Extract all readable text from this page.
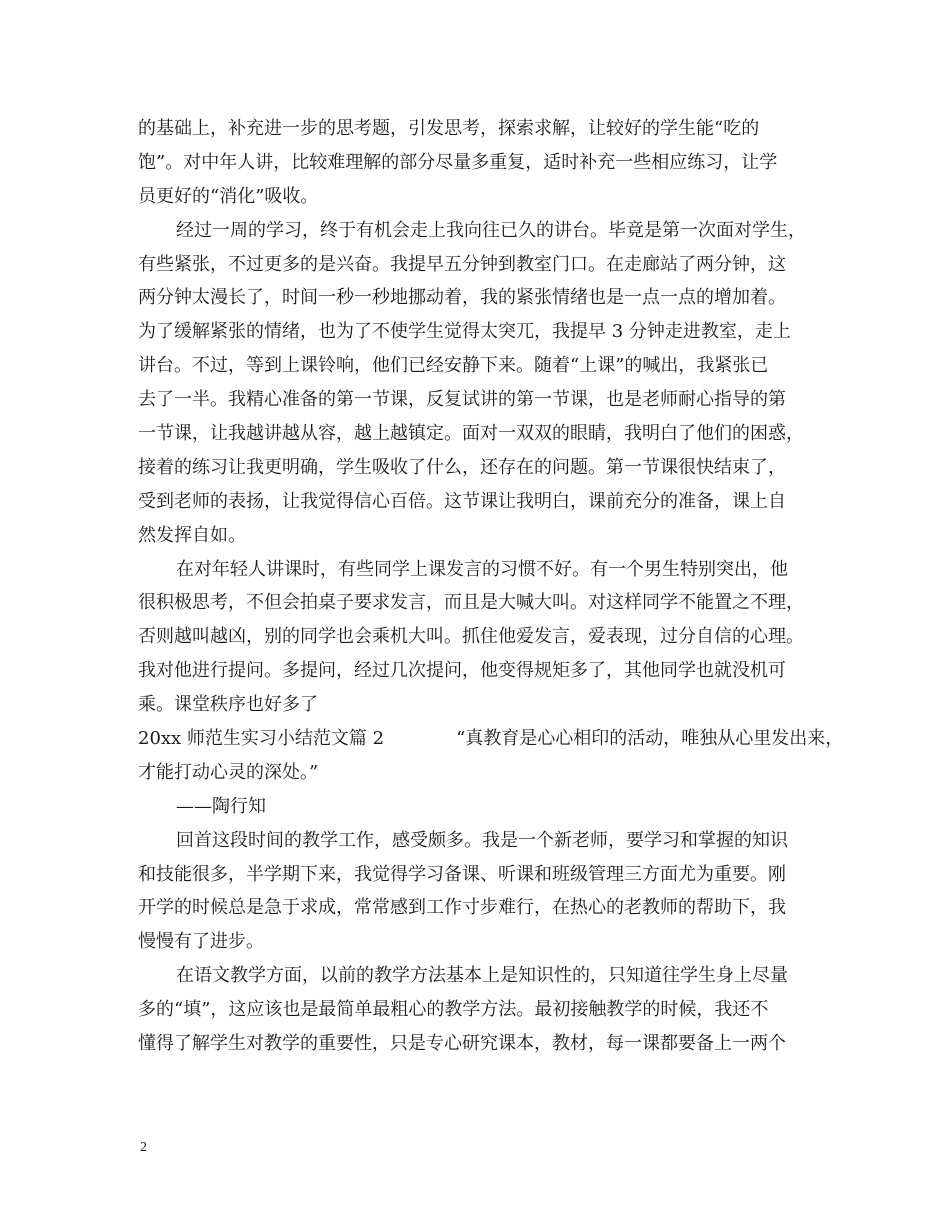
的基础上，补充进一步的思考题，引发思考，探索求解，让较好的学生能“吃的
饱”。对中年人讲，比较难理解的部分尽量多重复，适时补充一些相应练习，让学
员更好的“消化”吸收。
经过一周的学习，终于有机会走上我向往已久的讲台。毕竟是第一次面对学生，
有些紧张，不过更多的是兴奋。我提早五分钟到教室门口。在走廊站了两分钟，这
两分钟太漫长了，时间一秒一秒地挪动着，我的紧张情绪也是一点一点的增加着。
为了缓解紧张的情绪，也为了不使学生觉得太突兀，我提早 3 分钟走进教室，走上
讲台。不过，等到上课铃响，他们已经安静下来。随着“上课”的喊出，我紧张已
去了一半。我精心准备的第一节课，反复试讲的第一节课，也是老师耐心指导的第
一节课，让我越讲越从容，越上越镇定。面对一双双的眼睛，我明白了他们的困惑，
接着的练习让我更明确，学生吸收了什么，还存在的问题。第一节课很快结束了，
受到老师的表扬，让我觉得信心百倍。这节课让我明白，课前充分的准备，课上自
然发挥自如。
在对年轻人讲课时，有些同学上课发言的习惯不好。有一个男生特别突出，他
很积极思考，不但会拍桌子要求发言，而且是大喊大叫。对这样同学不能置之不理，
否则越叫越凶，别的同学也会乘机大叫。抓住他爱发言，爱表现，过分自信的心理。
我对他进行提问。多提问，经过几次提问，他变得规矩多了，其他同学也就没机可
乘。课堂秩序也好多了
20xx 师范生实习小结范文篇 2	“真教育是心心相印的活动，唯独从心里发出来，
才能打动心灵的深处。”
——陶行知
回首这段时间的教学工作，感受颇多。我是一个新老师，要学习和掌握的知识
和技能很多，半学期下来，我觉得学习备课、听课和班级管理三方面尤为重要。刚
开学的时候总是急于求成，常常感到工作寸步难行，在热心的老教师的帮助下，我
慢慢有了进步。
在语文教学方面，以前的教学方法基本上是知识性的，只知道往学生身上尽量
多的“填”，这应该也是最简单最粗心的教学方法。最初接触教学的时候，我还不
懂得了解学生对教学的重要性，只是专心研究课本，教材，每一课都要备上一两个
2
